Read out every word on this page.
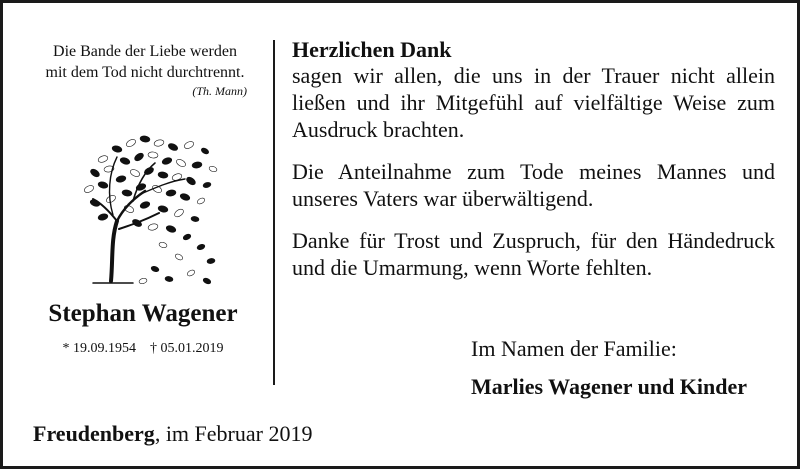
Die Bande der Liebe werden
mit dem Tod nicht durchtrennt.
(Th. Mann)
Stephan Wagener
* 19.09.1954 † 05.01.2019
Herzlichen Dank

sagen wir allen, die uns in der Trauer nicht allein ließen und ihr Mitgefühl auf vielfältige Weise zum Ausdruck brachten.

Die Anteilnahme zum Tode meines Mannes und unseres Vaters war überwältigend.

Danke für Trost und Zuspruch, für den Händedruck und die Umarmung, wenn Worte fehlten.

Im Namen der Familie:
Marlies Wagener und Kinder
Freudenberg, im Februar 2019
